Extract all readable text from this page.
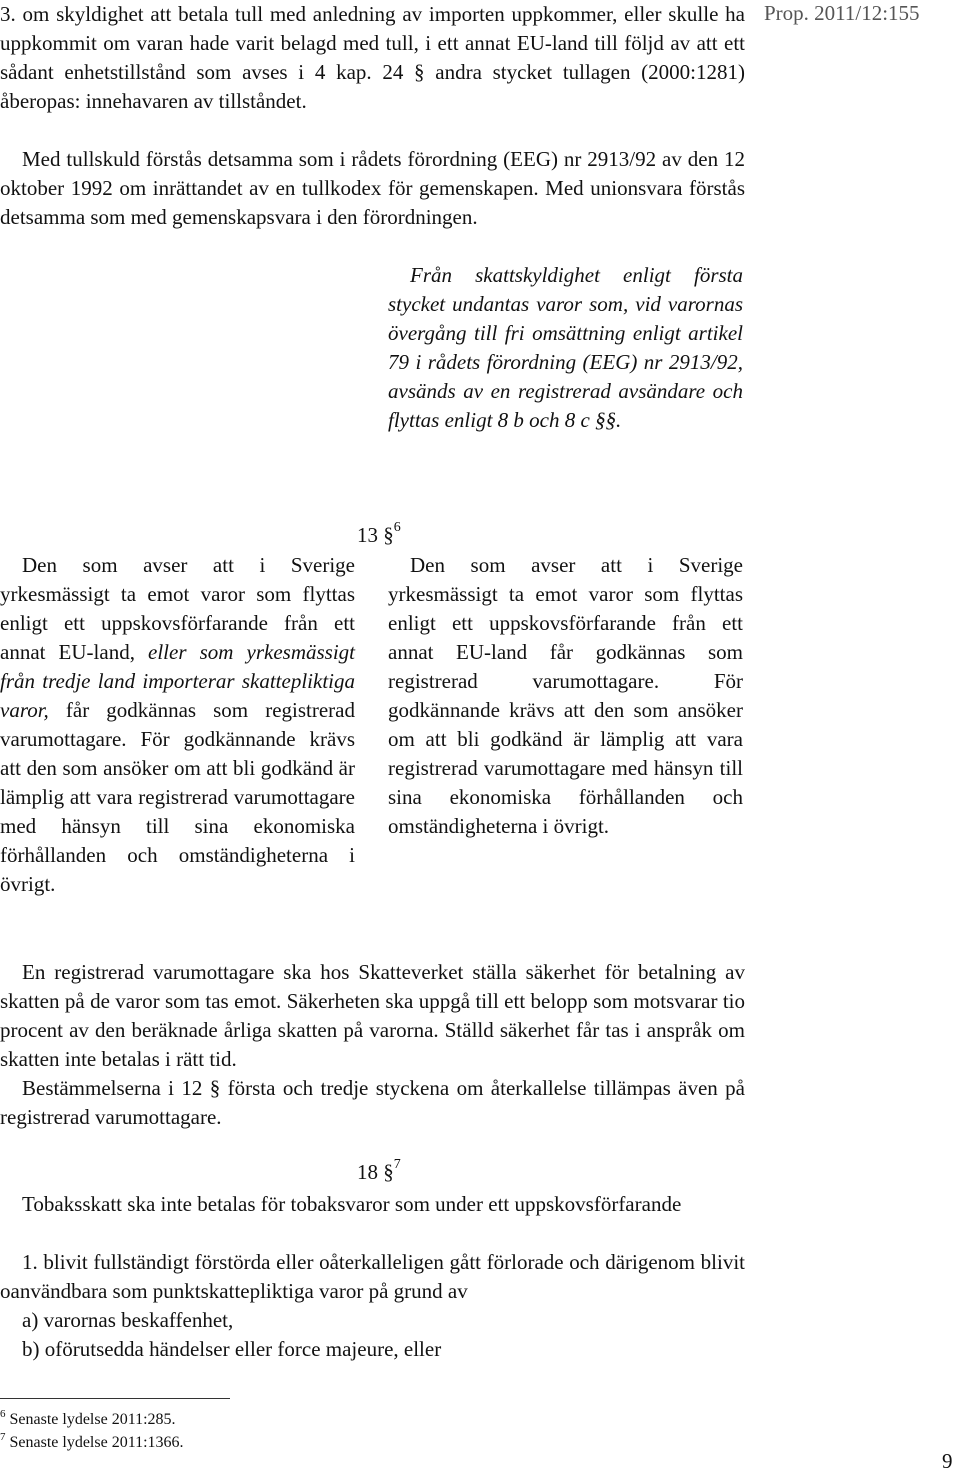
Prop. 2011/12:155
3. om skyldighet att betala tull med anledning av importen uppkommer, eller skulle ha uppkommit om varan hade varit belagd med tull, i ett annat EU-land till följd av att ett sådant enhetstillstånd som avses i 4 kap. 24 § andra stycket tullagen (2000:1281) åberopas: innehavaren av tillståndet.
Med tullskuld förstås detsamma som i rådets förordning (EEG) nr 2913/92 av den 12 oktober 1992 om inrättandet av en tullkodex för gemenskapen. Med unionsvara förstås detsamma som med gemenskapsvara i den förordningen.
Från skattskyldighet enligt första stycket undantas varor som, vid varornas övergång till fri omsättning enligt artikel 79 i rådets förordning (EEG) nr 2913/92, avsänds av en registrerad avsändare och flyttas enligt 8 b och 8 c §§.
13 §$^6$
Den som avser att i Sverige yrkesmässigt ta emot varor som flyttas enligt ett uppskovsförfarande från ett annat EU-land, eller som yrkesmässigt från tredje land importerar skattepliktiga varor, får godkännas som registrerad varumottagare. För godkännande krävs att den som ansöker om att bli godkänd är lämplig att vara registrerad varumottagare med hänsyn till sina ekonomiska förhållanden och omständigheterna i övrigt.
Den som avser att i Sverige yrkesmässigt ta emot varor som flyttas enligt ett uppskovsförfarande från ett annat EU-land får godkännas som registrerad varumottagare. För godkännande krävs att den som ansöker om att bli godkänd är lämplig att vara registrerad varumottagare med hänsyn till sina ekonomiska förhållanden och omständigheterna i övrigt.
En registrerad varumottagare ska hos Skatteverket ställa säkerhet för betalning av skatten på de varor som tas emot. Säkerheten ska uppgå till ett belopp som motsvarar tio procent av den beräknade årliga skatten på varorna. Ställd säkerhet får tas i anspråk om skatten inte betalas i rätt tid.
Bestämmelserna i 12 § första och tredje styckena om återkallelse tillämpas även på registrerad varumottagare.
18 §$^7$
Tobaksskatt ska inte betalas för tobaksvaror som under ett uppskovsförfarande
1. blivit fullständigt förstörda eller oåterkalleligen gått förlorade och därigenom blivit oanvändbara som punktskattepliktiga varor på grund av
a) varornas beskaffenhet,
b) oförutsedda händelser eller force majeure, eller
$^6$ Senaste lydelse 2011:285.
$^7$ Senaste lydelse 2011:1366.
9
